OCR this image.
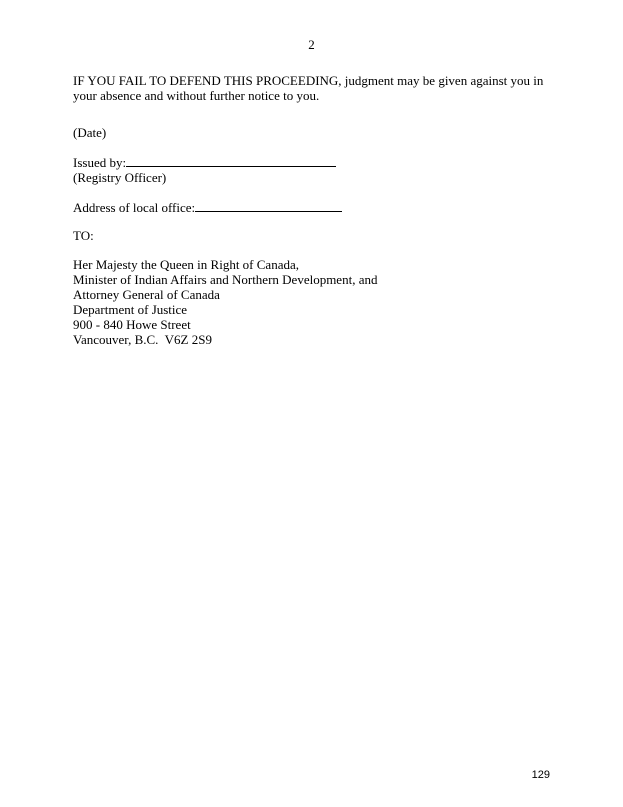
2

IF YOU FAIL TO DEFEND THIS PROCEEDING, judgment may be given against you in your absence and without further notice to you.

(Date)
Issued by:
(Registry Officer)
Address of local office:
TO:
Her Majesty the Queen in Right of Canada,
Minister of Indian Affairs and Northern Development, and
Attorney General of Canada
Department of Justice
900 - 840 Howe Street
Vancouver, B.C.  V6Z 2S9
129
